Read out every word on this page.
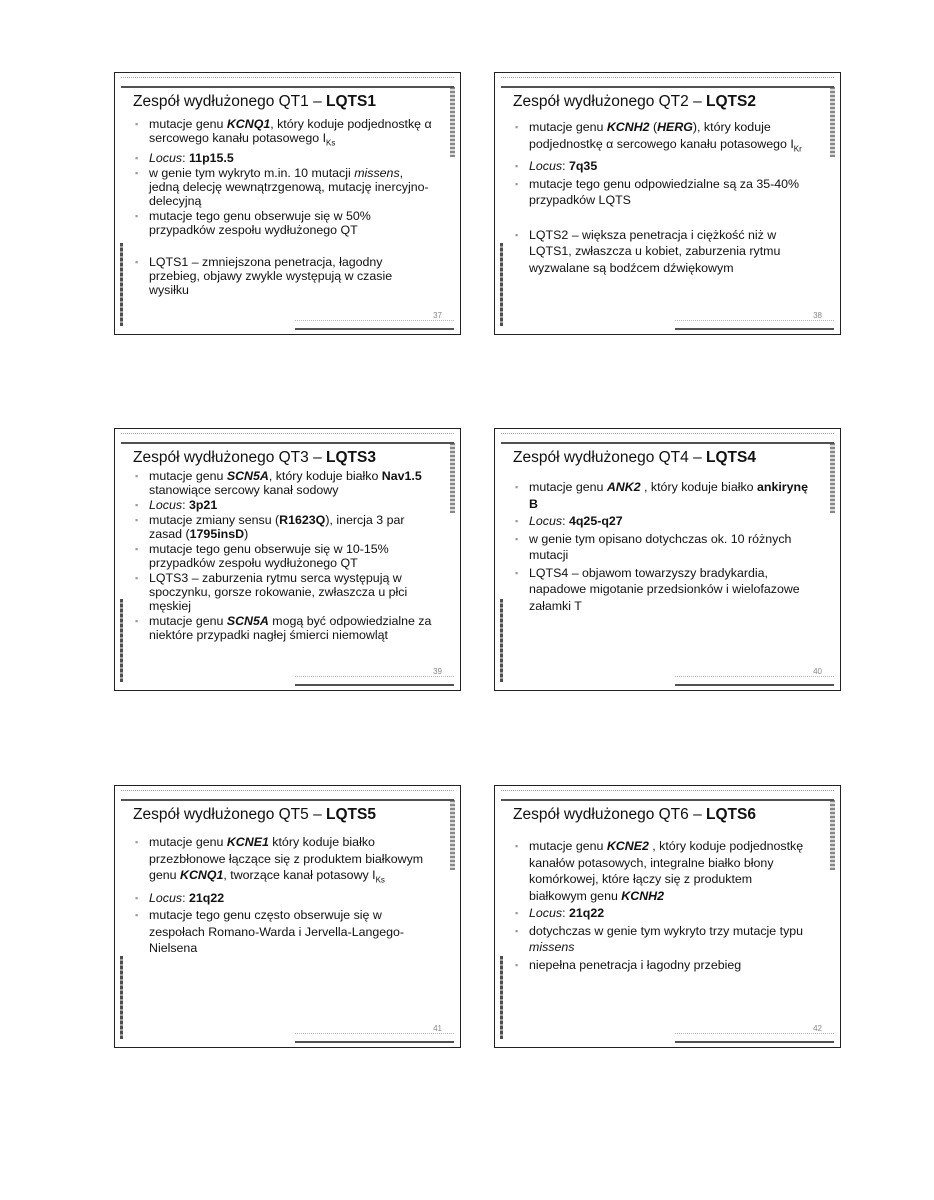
Zespół wydłużonego QT1 – LQTS1
▪ mutacje genu KCNQ1, który koduje podjednostkę α sercowego kanału potasowego $I_{Ks}$
▪ Locus: 11p15.5
▪ w genie tym wykryto m.in. 10 mutacji missens, jedną delecję wewnątrzgenową, mutację inercyjno-delecyjną
▪ mutacje tego genu obserwuje się w 50% przypadków zespołu wydłużonego QT
▪ LQTS1 – zmniejszona penetracja, łagodny przebieg, objawy zwykle występują w czasie wysiłku
37
Zespół wydłużonego QT2 – LQTS2
▪ mutacje genu KCNH2 (HERG), który koduje podjednostkę α sercowego kanału potasowego $I_{Kr}$
▪ Locus: 7q35
▪ mutacje tego genu odpowiedzialne są za 35-40% przypadków LQTS
▪ LQTS2 – większa penetracja i ciężkość niż w LQTS1, zwłaszcza u kobiet, zaburzenia rytmu wyzwalane są bodźcem dźwiękowym
38
Zespół wydłużonego QT3 – LQTS3
▪ mutacje genu SCN5A, który koduje białko Nav1.5 stanowiące sercowy kanał sodowy
▪ Locus: 3p21
▪ mutacje zmiany sensu (R1623Q), inercja 3 par zasad (1795insD)
▪ mutacje tego genu obserwuje się w 10-15% przypadków zespołu wydłużonego QT
▪ LQTS3 – zaburzenia rytmu serca występują w spoczynku, gorsze rokowanie, zwłaszcza u płci męskiej
▪ mutacje genu SCN5A mogą być odpowiedzialne za niektóre przypadki nagłej śmierci niemowląt
39
Zespół wydłużonego QT4 – LQTS4
▪ mutacje genu ANK2 , który koduje białko ankirynę B
▪ Locus: 4q25-q27
▪ w genie tym opisano dotychczas ok. 10 różnych mutacji
▪ LQTS4 – objawom towarzyszy bradykardia, napadowe migotanie przedsionków i wielofazowe załamki T
40
Zespół wydłużonego QT5 – LQTS5
▪ mutacje genu KCNE1 który koduje białko przezbłonowe łączące się z produktem białkowym genu KCNQ1, tworzące kanał potasowy $I_{Ks}$
▪ Locus: 21q22
▪ mutacje tego genu często obserwuje się w zespołach Romano-Warda i Jervella-Langego-Nielsena
41
Zespół wydłużonego QT6 – LQTS6
▪ mutacje genu KCNE2 , który koduje podjednostkę kanałów potasowych, integralne białko błony komórkowej, które łączy się z produktem białkowym genu KCNH2
▪ Locus: 21q22
▪ dotychczas w genie tym wykryto trzy mutacje typu missens
▪ niepełna penetracja i łagodny przebieg
42
